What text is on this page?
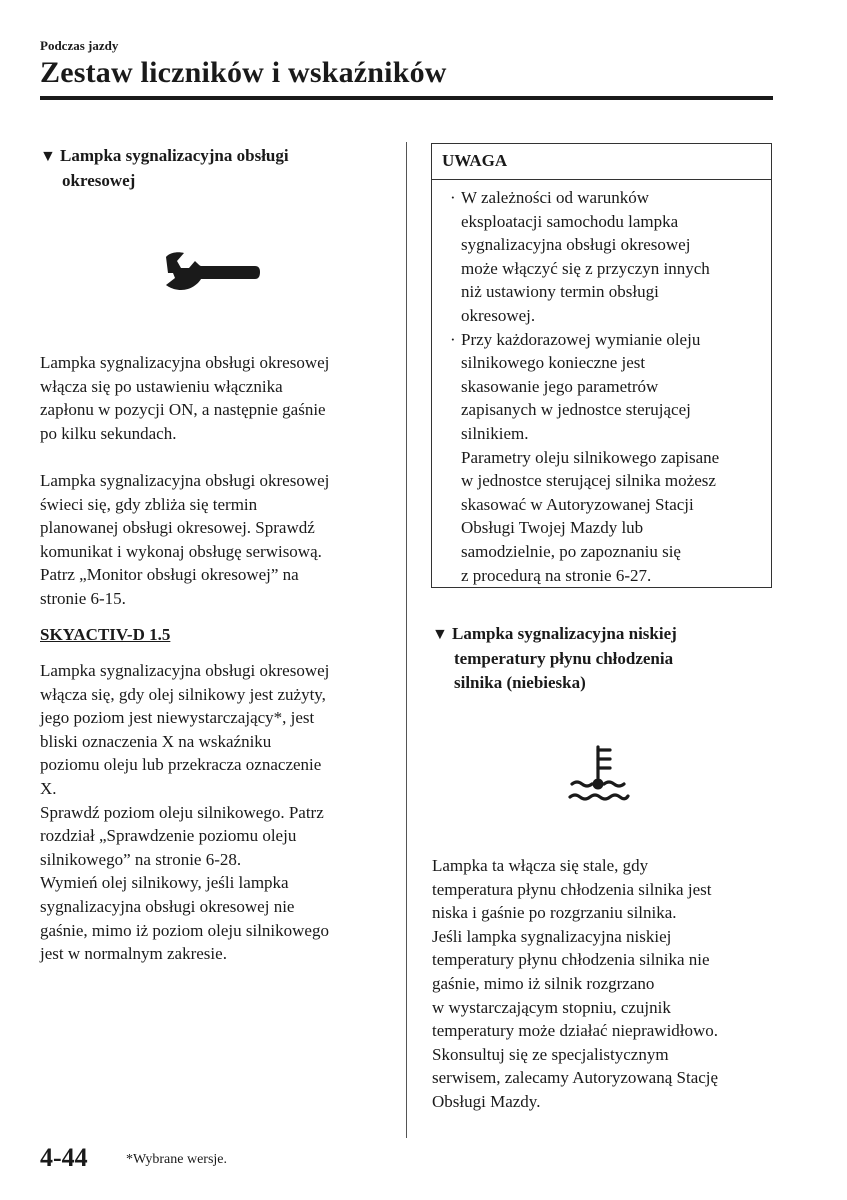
Podczas jazdy
Zestaw liczników i wskaźników
▼ Lampka sygnalizacyjna obsługi
okresowej
Lampka sygnalizacyjna obsługi okresowej
włącza się po ustawieniu włącznika
zapłonu w pozycji ON, a następnie gaśnie
po kilku sekundach.
Lampka sygnalizacyjna obsługi okresowej
świeci się, gdy zbliża się termin
planowanej obsługi okresowej. Sprawdź
komunikat i wykonaj obsługę serwisową.
Patrz „Monitor obsługi okresowej” na
stronie 6-15.
SKYACTIV-D 1.5
Lampka sygnalizacyjna obsługi okresowej
włącza się, gdy olej silnikowy jest zużyty,
jego poziom jest niewystarczający*, jest
bliski oznaczenia X na wskaźniku
poziomu oleju lub przekracza oznaczenie
X.
Sprawdź poziom oleju silnikowego. Patrz
rozdział „Sprawdzenie poziomu oleju
silnikowego” na stronie 6-28.
Wymień olej silnikowy, jeśli lampka
sygnalizacyjna obsługi okresowej nie
gaśnie, mimo iż poziom oleju silnikowego
jest w normalnym zakresie.
UWAGA
· W zależności od warunków

eksploatacji samochodu lampka

sygnalizacyjna obsługi okresowej

może włączyć się z przyczyn innych

niż ustawiony termin obsługi

okresowej.

· Przy każdorazowej wymianie oleju

silnikowego konieczne jest

skasowanie jego parametrów

zapisanych w jednostce sterującej

silnikiem.

Parametry oleju silnikowego zapisane

w jednostce sterującej silnika możesz

skasować w Autoryzowanej Stacji

Obsługi Twojej Mazdy lub

samodzielnie, po zapoznaniu się

z procedurą na stronie 6-27.

▼ Lampka sygnalizacyjna niskiej
temperatury płynu chłodzenia
silnika (niebieska)
Lampka ta włącza się stale, gdy
temperatura płynu chłodzenia silnika jest
niska i gaśnie po rozgrzaniu silnika.
Jeśli lampka sygnalizacyjna niskiej
temperatury płynu chłodzenia silnika nie
gaśnie, mimo iż silnik rozgrzano
w wystarczającym stopniu, czujnik
temperatury może działać nieprawidłowo.
Skonsultuj się ze specjalistycznym
serwisem, zalecamy Autoryzowaną Stację
Obsługi Mazdy.
4-44	*Wybrane wersje.
